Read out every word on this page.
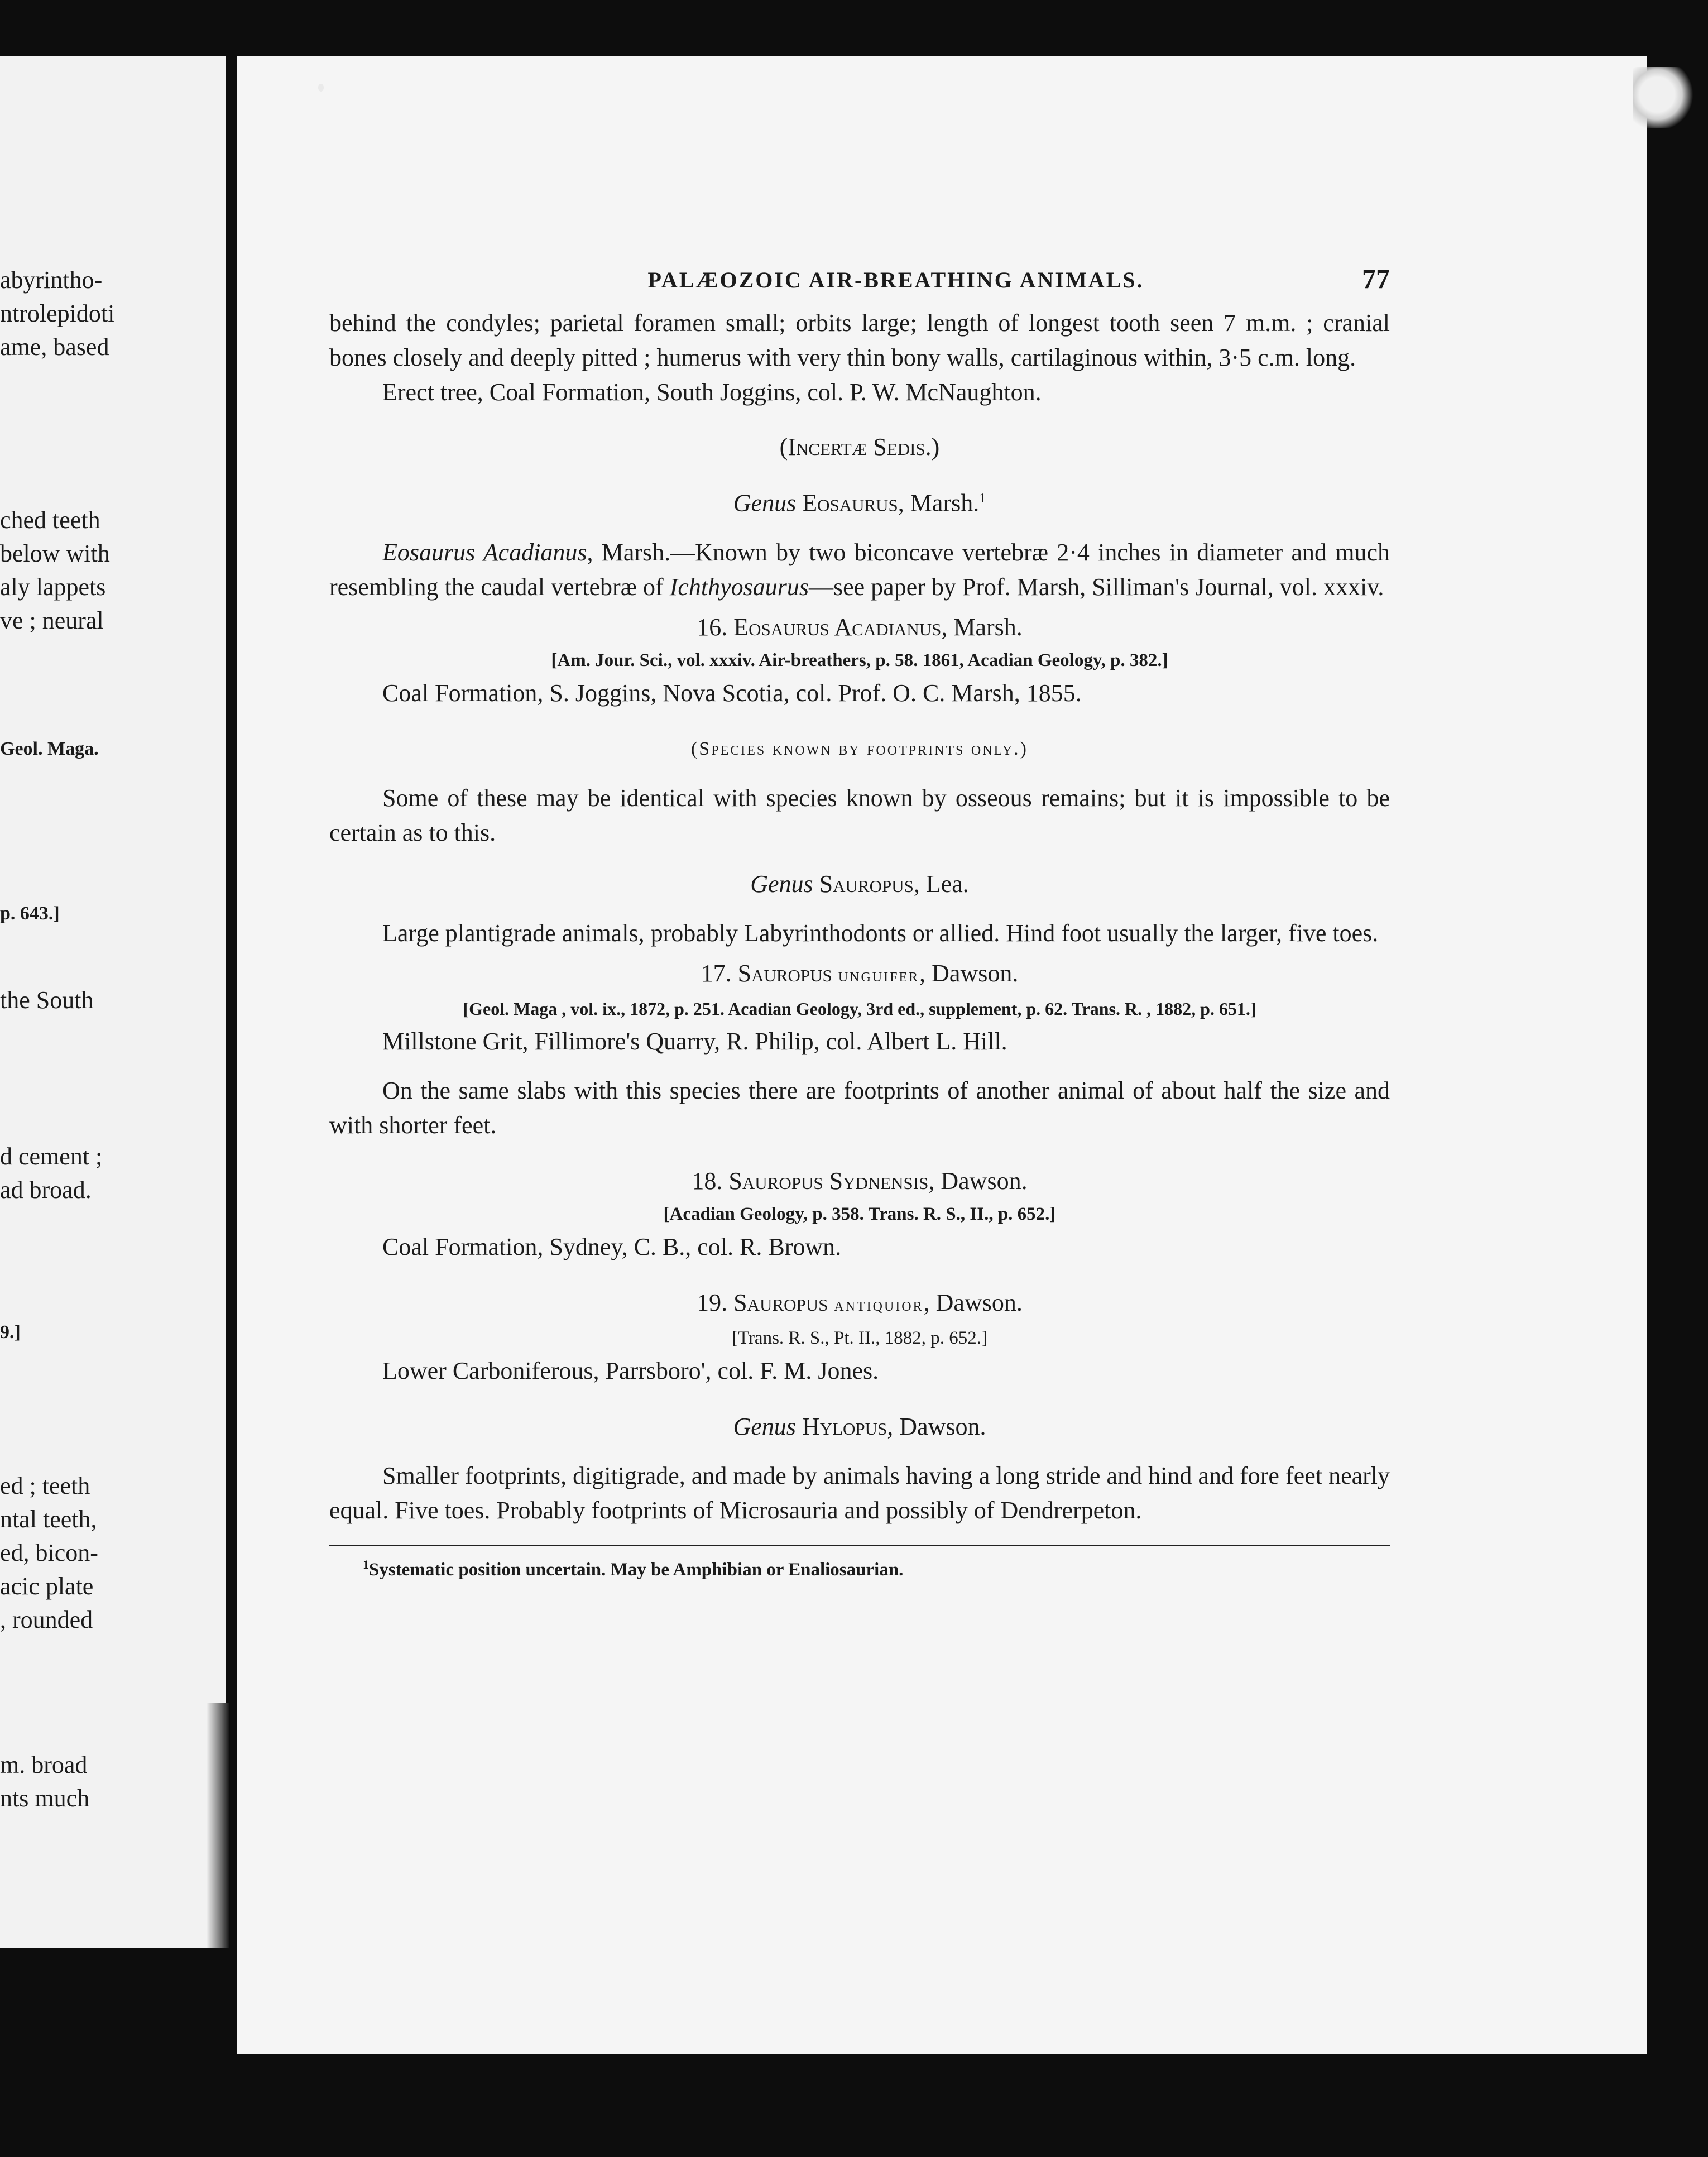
abyrintho-
ntrolepidoti
ame, based
ched teeth
below with
aly lappets
ve ; neural
Geol. Maga.
p. 643.]
the South
d cement ;
ad broad.
9.]
ed ; teeth
ntal teeth,
ed, bicon-
acic plate
, rounded
m. broad
nts much
PALÆOZOIC AIR-BREATHING ANIMALS.	77

behind the condyles; parietal foramen small; orbits large; length of longest tooth seen 7 m.m. ; cranial bones closely and deeply pitted ; humerus with very thin bony walls, cartilaginous within, 3·5 c.m. long.

Erect tree, Coal Formation, South Joggins, col. P. W. McNaughton.

(Incertæ Sedis.)
Genus Eosaurus, Marsh.$^1$

Eosaurus Acadianus, Marsh.—Known by two biconcave vertebræ 2·4 inches in diameter and much resembling the caudal vertebræ of Ichthyosaurus—see paper by Prof. Marsh, Silliman's Journal, vol. xxxiv.

16. Eosaurus Acadianus, Marsh.
[Am. Jour. Sci., vol. xxxiv. Air-breathers, p. 58. 1861, Acadian Geology, p. 382.]

Coal Formation, S. Joggins, Nova Scotia, col. Prof. O. C. Marsh, 1855.

(Species known by footprints only.)

Some of these may be identical with species known by osseous remains; but it is impossible to be certain as to this.

Genus Sauropus, Lea.

Large plantigrade animals, probably Labyrinthodonts or allied. Hind foot usually the larger, five toes.

17. Sauropus unguifer, Dawson.
[Geol. Maga , vol. ix., 1872, p. 251. Acadian Geology, 3rd ed., supplement, p. 62. Trans. R. , 1882, p. 651.]

Millstone Grit, Fillimore's Quarry, R. Philip, col. Albert L. Hill.

On the same slabs with this species there are footprints of another animal of about half the size and with shorter feet.

18. Sauropus Sydnensis, Dawson.
[Acadian Geology, p. 358. Trans. R. S., II., p. 652.]

Coal Formation, Sydney, C. B., col. R. Brown.

19. Sauropus antiquior, Dawson.
[Trans. R. S., Pt. II., 1882, p. 652.]

Lower Carboniferous, Parrsboro', col. F. M. Jones.

Genus Hylopus, Dawson.

Smaller footprints, digitigrade, and made by animals having a long stride and hind and fore feet nearly equal. Five toes. Probably footprints of Microsauria and possibly of Dendrerpeton.

$^1$Systematic position uncertain. May be Amphibian or Enaliosaurian.
